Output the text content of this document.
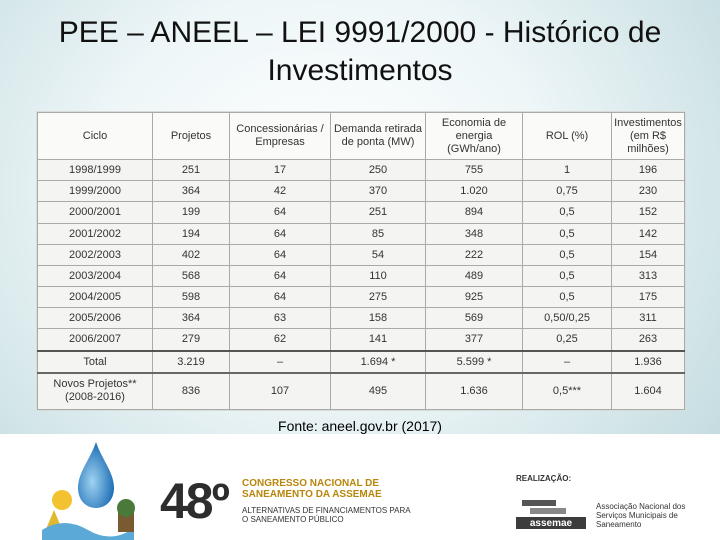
PEE – ANEEL – LEI 9991/2000 - Histórico de Investimentos
Ciclo	Projetos	Concessionárias / Empresas	Demanda retirada de ponta (MW)	Economia de energia (GWh/ano)	ROL (%)	Investimentos (em R$ milhões)
1998/1999	251	17	250	755	1	196
1999/2000	364	42	370	1.020	0,75	230
2000/2001	199	64	251	894	0,5	152
2001/2002	194	64	85	348	0,5	142
2002/2003	402	64	54	222	0,5	154
2003/2004	568	64	110	489	0,5	313
2004/2005	598	64	275	925	0,5	175
2005/2006	364	63	158	569	0,50/0,25	311
2006/2007	279	62	141	377	0,25	263
Total	3.219	–	1.694 *	5.599 *	–	1.936
Novos Projetos** (2008-2016)	836	107	495	1.636	0,5***	1.604
Fonte: aneel.gov.br (2017)
48º CONGRESSO NACIONAL DE SANEAMENTO DA ASSEMAE
ALTERNATIVAS DE FINANCIAMENTOS PARA O SANEAMENTO PÚBLICO
REALIZAÇÃO:
assemae
Associação Nacional dos Serviços Municipais de Saneamento
